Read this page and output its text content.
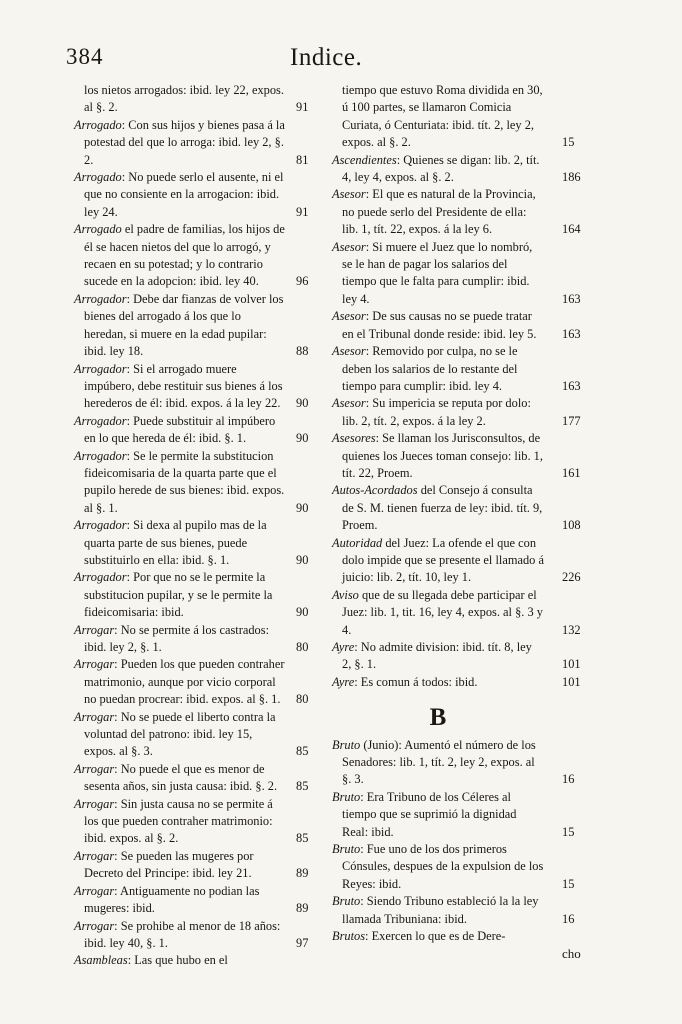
384	Indice.
los nietos arrogados: ibid. ley 22, expos. al §. 2.	91
Arrogado: Con sus hijos y bienes pasa á la potestad del que lo arroga: ibid. ley 2, §. 2.	81
Arrogado: No puede serlo el ausente, ni el que no consiente en la arrogacion: ibid. ley 24.	91
Arrogado el padre de familias, los hijos de él se hacen nietos del que lo arrogó, y recaen en su potestad; y lo contrario sucede en la adopcion: ibid. ley 40.	96
Arrogador: Debe dar fianzas de volver los bienes del arrogado á los que lo heredan, si muere en la edad pupilar: ibid. ley 18.	88
Arrogador: Si el arrogado muere impúbero, debe restituir sus bienes á los herederos de él: ibid. expos. á la ley 22. 90
Arrogador: Puede substituir al impúbero en lo que hereda de él: ibid. §. 1.	90
Arrogador: Se le permite la substitucion fideicomisaria de la quarta parte que el pupilo herede de sus bienes: ibid. expos. al §. 1.	90
Arrogador: Si dexa al pupilo mas de la quarta parte de sus bienes, puede substituirlo en ella: ibid. §. 1.	90
Arrogador: Por que no se le permite la substitucion pupilar, y se le permite la fideicomisaria: ibid.	90
Arrogar: No se permite á los castrados: ibid. ley 2, §. 1.	80
Arrogar: Pueden los que pueden contraher matrimonio, aunque por vicio corporal no puedan procrear: ibid. expos. al §. 1. 80
Arrogar: No se puede el liberto contra la voluntad del patrono: ibid. ley 15, expos. al §. 3.	85
Arrogar: No puede el que es menor de sesenta años, sin justa causa: ibid. §. 2. 85
Arrogar: Sin justa causa no se permite á los que pueden contraher matrimonio: ibid. expos. al §. 2.	85
Arrogar: Se pueden las mugeres por Decreto del Principe: ibid. ley 21.	89
Arrogar: Antiguamente no podian las mugeres: ibid.	89
Arrogar: Se prohibe al menor de 18 años: ibid. ley 40, §. 1.	97
Asambleas: Las que hubo en el
tiempo que estuvo Roma dividida en 30, ú 100 partes, se llamaron Comicia Curiata, ó Centuriata: ibid. tít. 2, ley 2, expos. al §. 2.	15
Ascendientes: Quienes se digan: lib. 2, tít. 4, ley 4, expos. al §. 2.	186
Asesor: El que es natural de la Provincia, no puede serlo del Presidente de ella: lib. 1, tít. 22, expos. á la ley 6.	164
Asesor: Si muere el Juez que lo nombró, se le han de pagar los salarios del tiempo que le falta para cumplir: ibid. ley 4.	163
Asesor: De sus causas no se puede tratar en el Tribunal donde reside: ibid. ley 5. 163
Asesor: Removido por culpa, no se le deben los salarios de lo restante del tiempo para cumplir: ibid. ley 4.	163
Asesor: Su impericia se reputa por dolo: lib. 2, tít. 2, expos. á la ley 2.	177
Asesores: Se llaman los Jurisconsultos, de quienes los Jueces toman consejo: lib. 1, tít. 22, Proem.	161
Autos-Acordados del Consejo á consulta de S. M. tienen fuerza de ley: ibid. tít. 9, Proem.	108
Autoridad del Juez: La ofende el que con dolo impide que se presente el llamado á juicio: lib. 2, tít. 10, ley 1.	226
Aviso que de su llegada debe participar el Juez: lib. 1, tit. 16, ley 4, expos. al §. 3 y 4.	132
Ayre: No admite division: ibid. tít. 8, ley 2, §. 1.	101
Ayre: Es comun á todos: ibid.	101
B
Bruto (Junio): Aumentó el número de los Senadores: lib. 1, tít. 2, ley 2, expos. al §. 3.	16
Bruto: Era Tribuno de los Céleres al tiempo que se suprimió la dignidad Real: ibid.	15
Bruto: Fue uno de los dos primeros Cónsules, despues de la expulsion de los Reyes: ibid.	15
Bruto: Siendo Tribuno estableció la la ley llamada Tribuniana: ibid.	16
Brutos: Exercen lo que es de Dere-
cho
